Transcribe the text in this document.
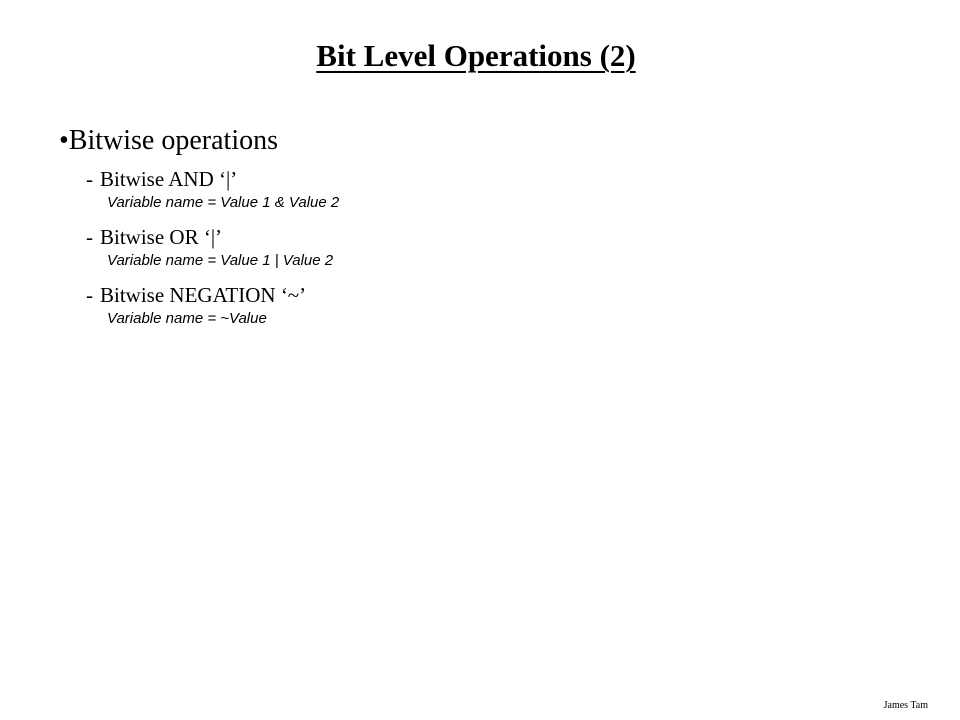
Bit Level Operations (2)
•Bitwise operations
- Bitwise AND ‘|’
Variable name = Value 1 & Value 2
- Bitwise OR ‘|’
Variable name = Value 1 | Value 2
- Bitwise NEGATION ‘~’
Variable name = ~Value
James Tam
